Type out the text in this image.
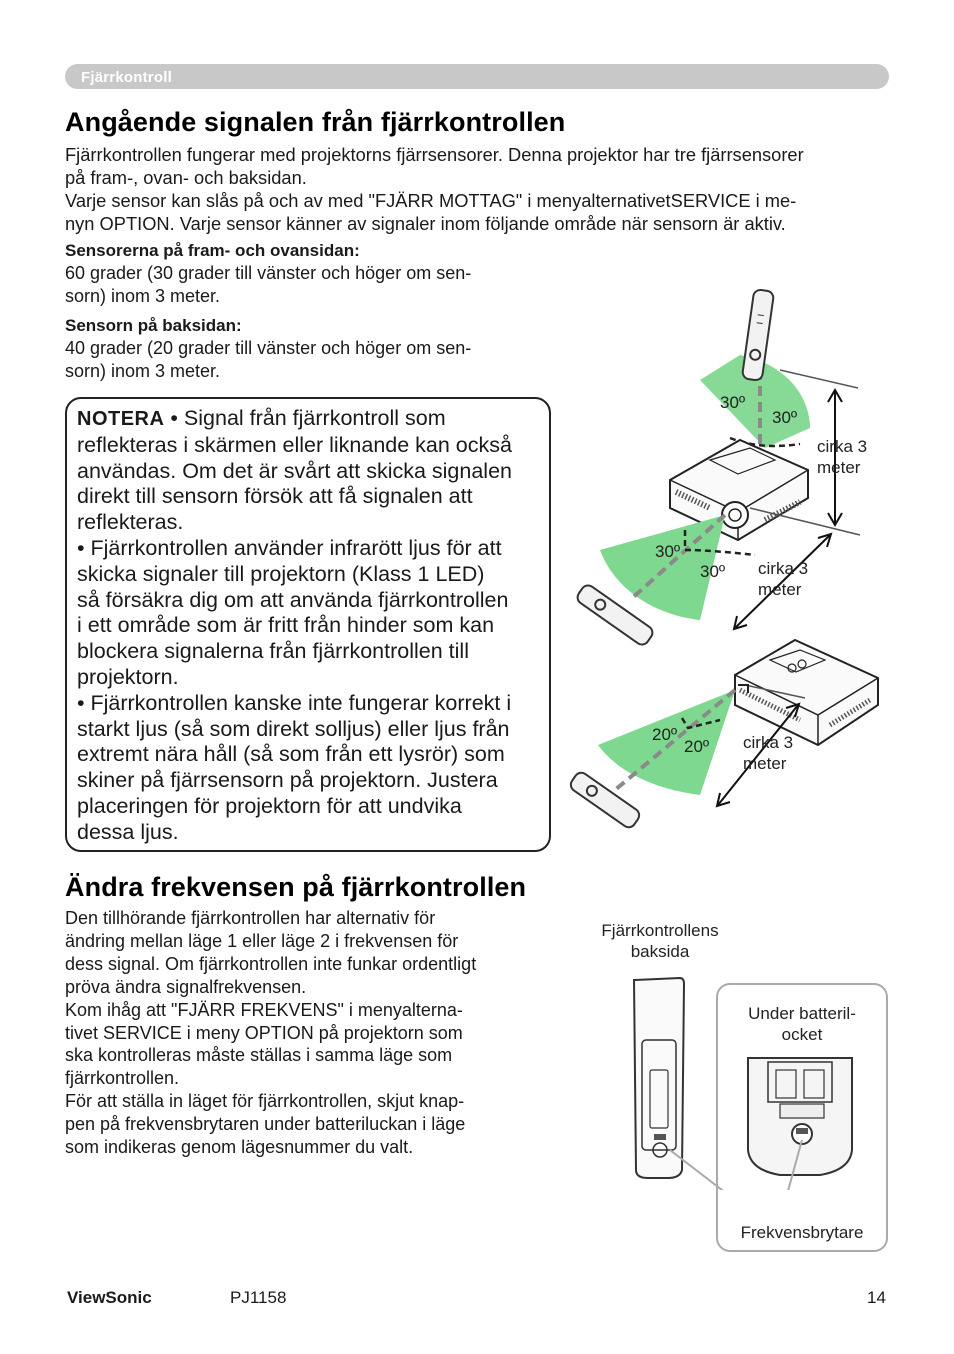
Fjärrkontroll
Angående signalen från fjärrkontrollen
Fjärrkontrollen fungerar med projektorns fjärrsensorer. Denna projektor har tre fjärrsensorer
på fram-, ovan- och baksidan.
Varje sensor kan slås på och av med "FJÄRR MOTTAG" i menyalternativetSERVICE i me-
nyn OPTION. Varje sensor känner av signaler inom följande område när sensorn är aktiv.
Sensorerna på fram- och ovansidan:
60 grader (30 grader till vänster och höger om sen-
sorn) inom 3 meter.
Sensorn på baksidan:
40 grader (20 grader till vänster och höger om sen-
sorn) inom 3 meter.
NOTERA • Signal från fjärrkontroll som
reflekteras i skärmen eller liknande kan också
användas. Om det är svårt att skicka signalen
direkt till sensorn försök att få signalen att
reflekteras.
• Fjärrkontrollen använder infrarött ljus för att
skicka signaler till projektorn (Klass 1 LED)
så försäkra dig om att använda fjärrkontrollen
i ett område som är fritt från hinder som kan
blockera signalerna från fjärrkontrollen till
projektorn.
• Fjärrkontrollen kanske inte fungerar korrekt i
starkt ljus (så som direkt solljus) eller ljus från
extremt nära håll (så som från ett lysrör) som
skiner på fjärrsensorn på projektorn. Justera
placeringen för projektorn för att undvika
dessa ljus.
30º
30º
cirka 3
meter
30º
30º cirka 3
meter
20º
20º cirka 3
meter
Ändra frekvensen på fjärrkontrollen
Den tillhörande fjärrkontrollen har alternativ för
ändring mellan läge 1 eller läge 2 i frekvensen för
dess signal. Om fjärrkontrollen inte funkar ordentligt
pröva ändra signalfrekvensen.
Kom ihåg att "FJÄRR FREKVENS" i menyalterna-
tivet SERVICE i meny OPTION på projektorn som
ska kontrolleras måste ställas i samma läge som
fjärrkontrollen.
För att ställa in läget för fjärrkontrollen, skjut knap-
pen på frekvensbrytaren under batteriluckan i läge
som indikeras genom lägesnummer du valt.
Fjärrkontrollens
baksida
Under batteril-
ocket
Frekvensbrytare
ViewSonic	PJ1158	14
